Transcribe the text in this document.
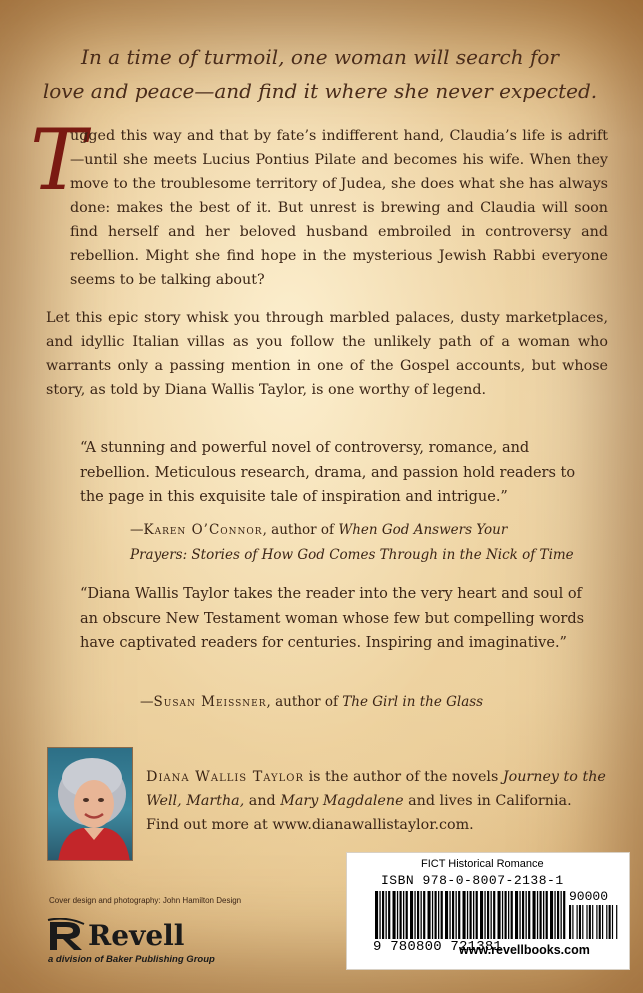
In a time of turmoil, one woman will search for
love and peace—and find it where she never expected.
T

ugged this way and that by fate’s indifferent hand, Claudia’s life is adrift—until she meets Lucius Pontius Pilate and becomes his wife. When they move to the troublesome territory of Judea, she does what she has always done: makes the best of it. But unrest is brewing and Claudia will soon find herself and her beloved husband embroiled in controversy and rebellion. Might she find hope in the mysterious Jewish Rabbi everyone seems to be talking about?

Let this epic story whisk you through marbled palaces, dusty marketplaces, and idyllic Italian villas as you follow the unlikely path of a woman who warrants only a passing mention in one of the Gospel accounts, but whose story, as told by Diana Wallis Taylor, is one worthy of legend.

“A stunning and powerful novel of controversy, romance, and rebellion. Meticulous research, drama, and passion hold readers to the page in this exquisite tale of inspiration and intrigue.”

—Karen O’Connor, author of When God Answers Your
Prayers: Stories of How God Comes Through in the Nick of Time

“Diana Wallis Taylor takes the reader into the very heart and soul of an obscure New Testament woman whose few but compelling words have captivated readers for centuries. Inspiring and imaginative.”

—Susan Meissner, author of The Girl in the Glass

Diana Wallis Taylor is the author of the novels Journey to the Well, Martha, and Mary Magdalene and lives in California. Find out more at www.dianawallistaylor.com.

Cover design and photography: John Hamilton Design
Revell
a division of Baker Publishing Group
FICT Historical Romance
ISBN 978-0-8007-2138-1
90000
9 780800 721381
www.revellbooks.com
